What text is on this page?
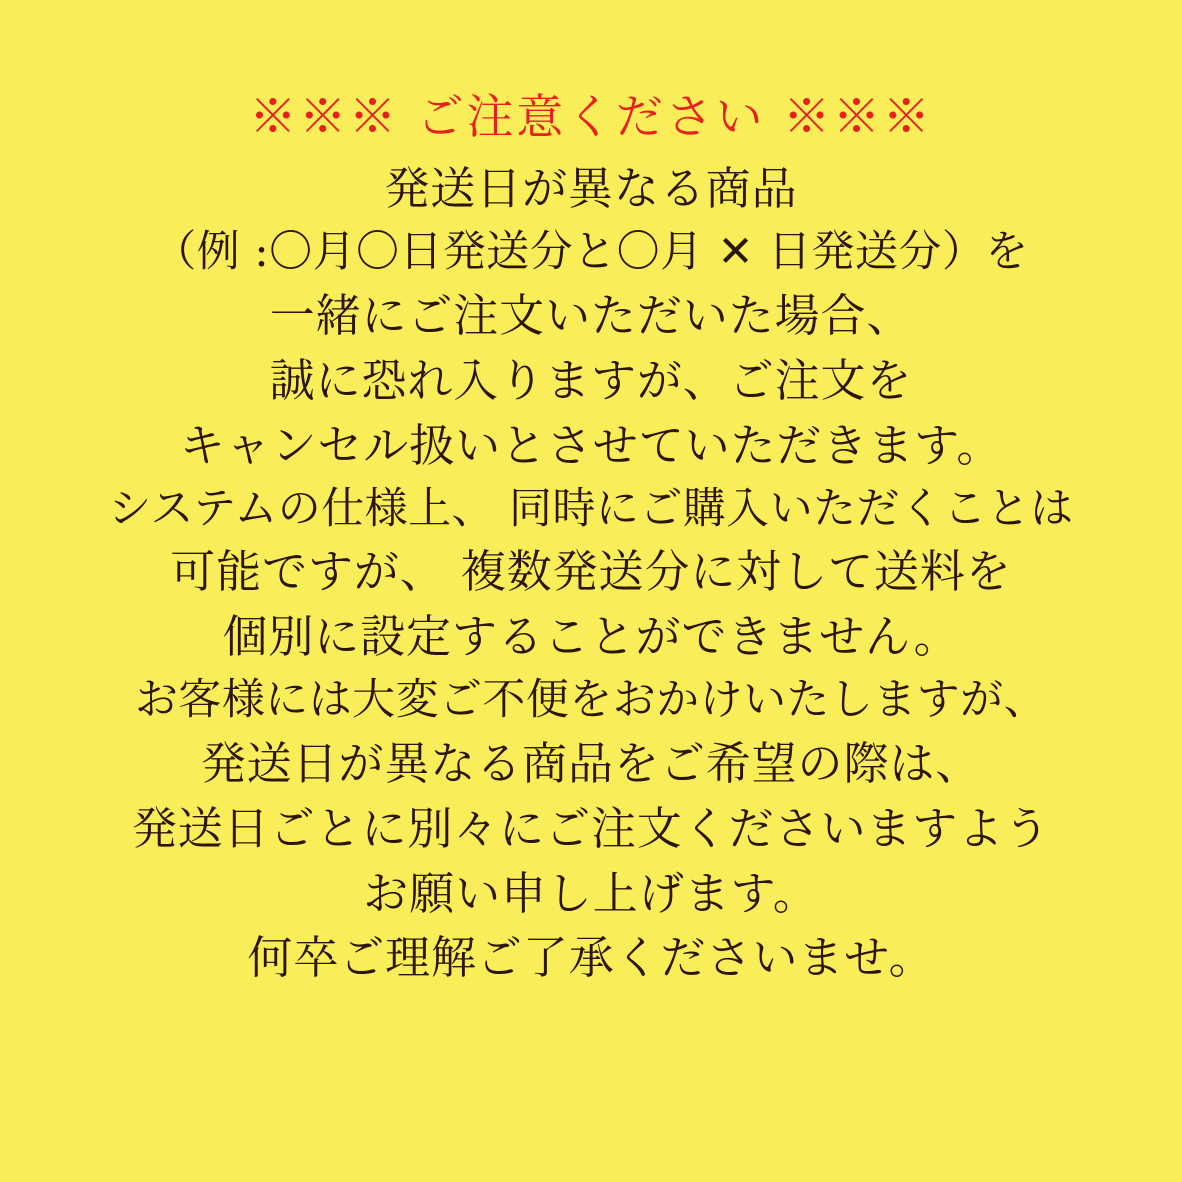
※※※ ご注意ください ※※※
発送日が異なる商品
（例 :〇月〇日発送分と〇月 ✕ 日発送分）を
一緒にご注文いただいた場合、
誠に恐れ入りますが、ご注文を
キャンセル扱いとさせていただきます。
システムの仕様上、 同時にご購入いただくことは
可能ですが、 複数発送分に対して送料を
個別に設定することができません。
お客様には大変ご不便をおかけいたしますが、
発送日が異なる商品をご希望の際は、
発送日ごとに別々にご注文くださいますよう
お願い申し上げます。
何卒ご理解ご了承くださいませ。
